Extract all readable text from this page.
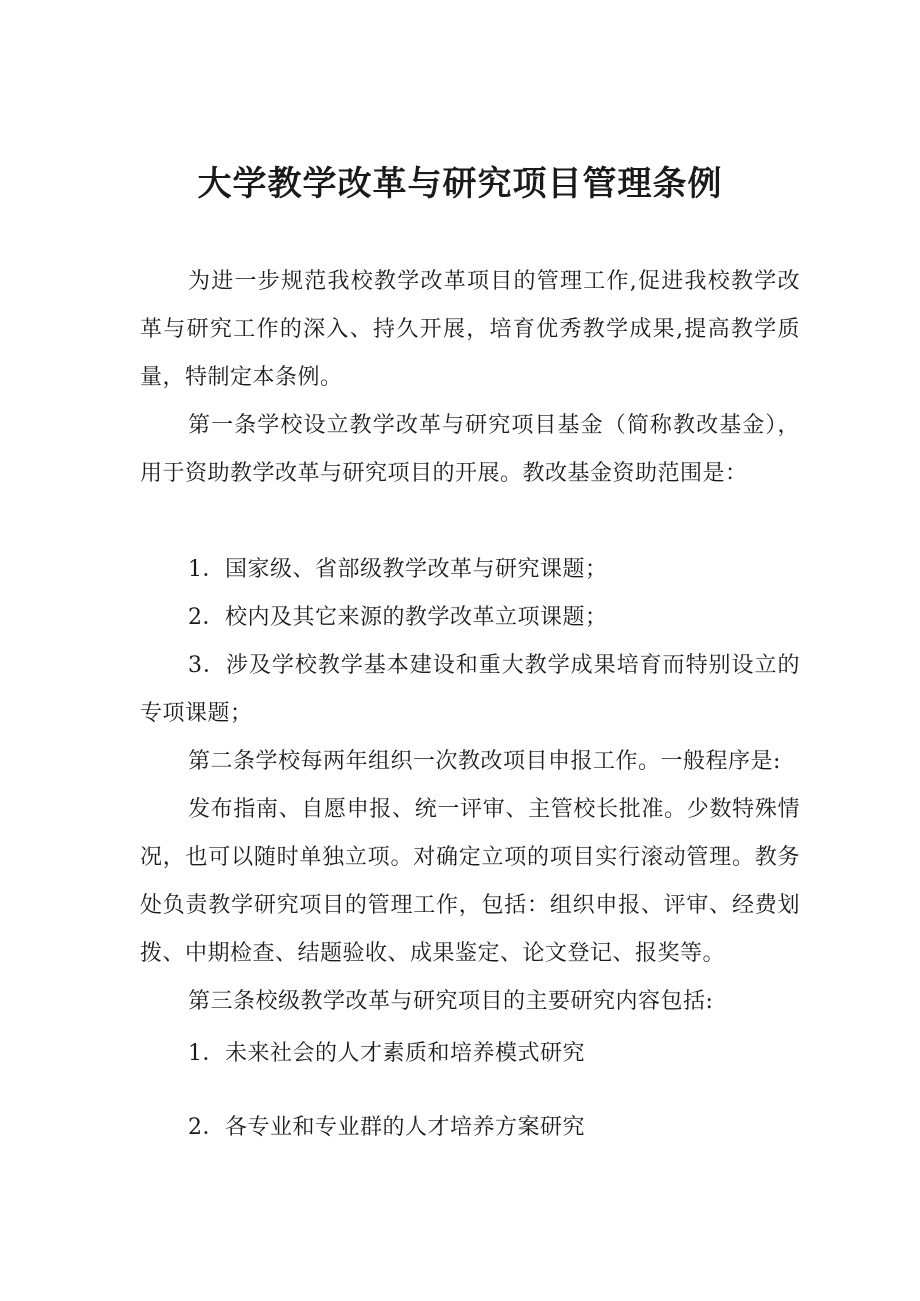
大学教学改革与研究项目管理条例

为进一步规范我校教学改革项目的管理工作,促进我校教学改革与研究工作的深入、持久开展，培育优秀教学成果,提高教学质量，特制定本条例。

第一条学校设立教学改革与研究项目基金（简称教改基金），用于资助教学改革与研究项目的开展。教改基金资助范围是：

1．国家级、省部级教学改革与研究课题；

2．校内及其它来源的教学改革立项课题；

3．涉及学校教学基本建设和重大教学成果培育而特别设立的专项课题；

第二条学校每两年组织一次教改项目申报工作。一般程序是:

发布指南、自愿申报、统一评审、主管校长批准。少数特殊情况，也可以随时单独立项。对确定立项的项目实行滚动管理。教务处负责教学研究项目的管理工作，包括：组织申报、评审、经费划拨、中期检查、结题验收、成果鉴定、论文登记、报奖等。

第三条校级教学改革与研究项目的主要研究内容包括:

1．未来社会的人才素质和培养模式研究

2．各专业和专业群的人才培养方案研究
